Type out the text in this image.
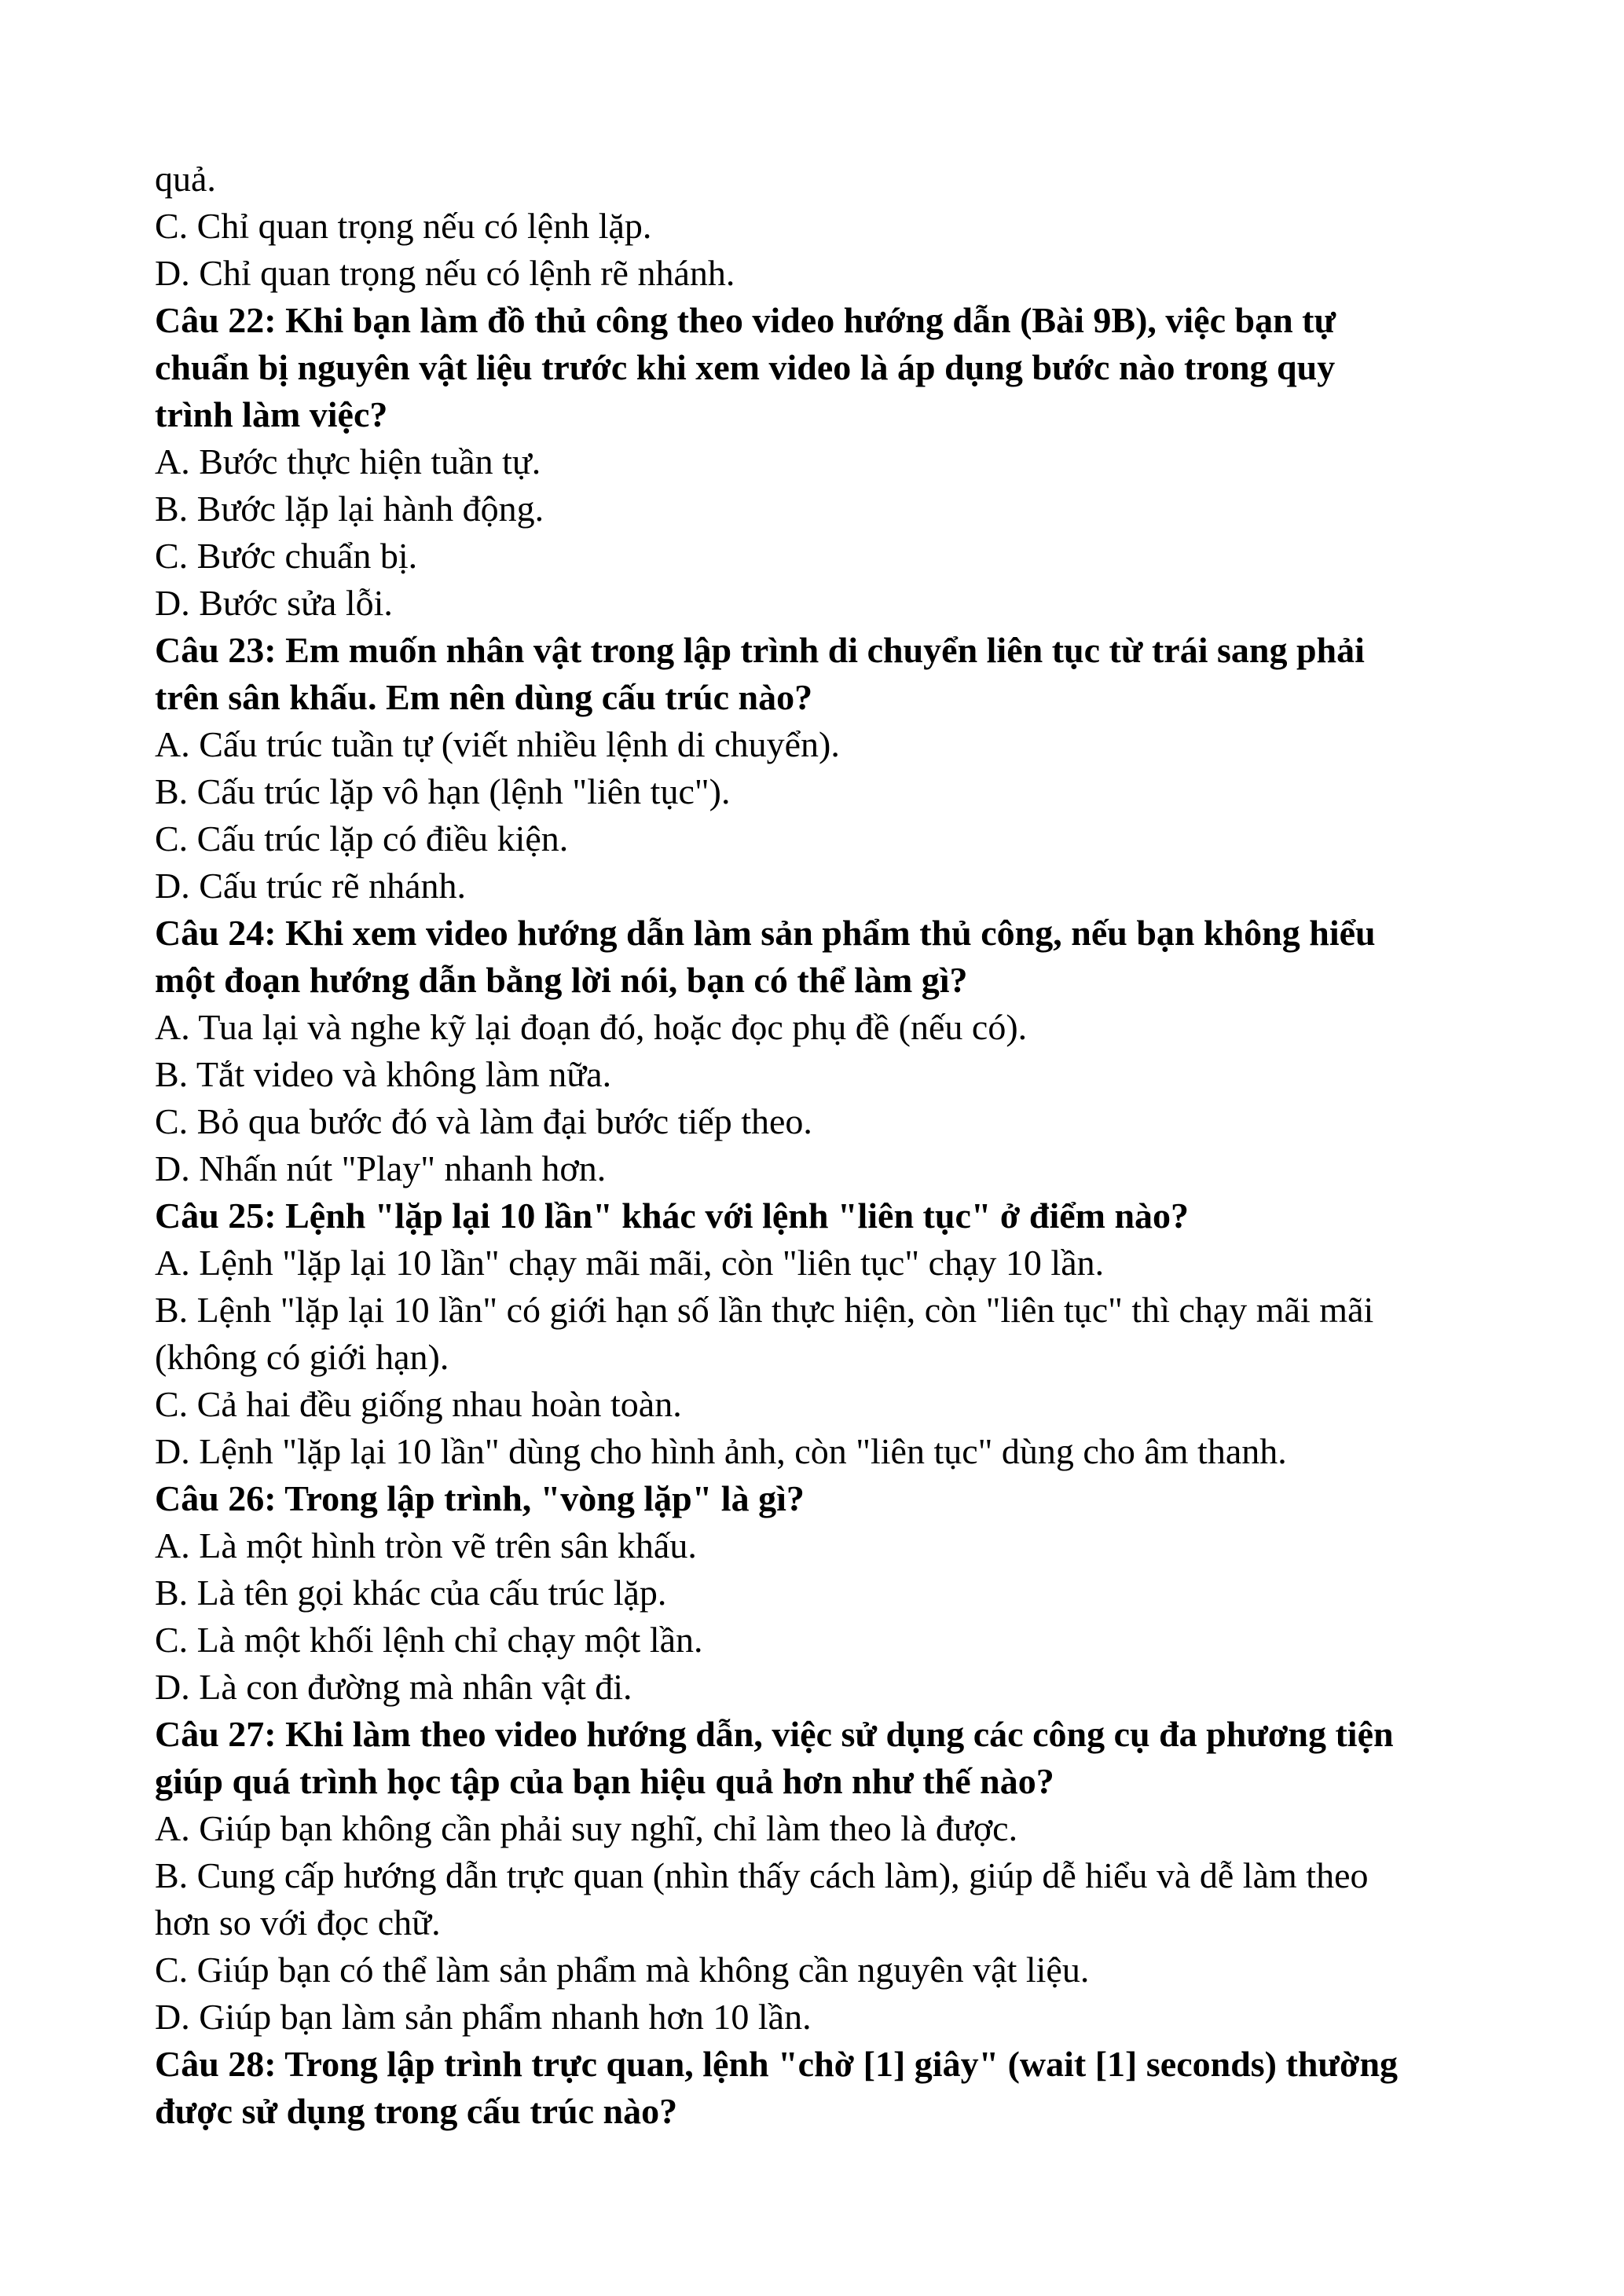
quả.
C. Chỉ quan trọng nếu có lệnh lặp.
D. Chỉ quan trọng nếu có lệnh rẽ nhánh.
Câu 22: Khi bạn làm đồ thủ công theo video hướng dẫn (Bài 9B), việc bạn tự
chuẩn bị nguyên vật liệu trước khi xem video là áp dụng bước nào trong quy
trình làm việc?
A. Bước thực hiện tuần tự.
B. Bước lặp lại hành động.
C. Bước chuẩn bị.
D. Bước sửa lỗi.
Câu 23: Em muốn nhân vật trong lập trình di chuyển liên tục từ trái sang phải
trên sân khấu. Em nên dùng cấu trúc nào?
A. Cấu trúc tuần tự (viết nhiều lệnh di chuyển).
B. Cấu trúc lặp vô hạn (lệnh "liên tục").
C. Cấu trúc lặp có điều kiện.
D. Cấu trúc rẽ nhánh.
Câu 24: Khi xem video hướng dẫn làm sản phẩm thủ công, nếu bạn không hiểu
một đoạn hướng dẫn bằng lời nói, bạn có thể làm gì?
A. Tua lại và nghe kỹ lại đoạn đó, hoặc đọc phụ đề (nếu có).
B. Tắt video và không làm nữa.
C. Bỏ qua bước đó và làm đại bước tiếp theo.
D. Nhấn nút "Play" nhanh hơn.
Câu 25: Lệnh "lặp lại 10 lần" khác với lệnh "liên tục" ở điểm nào?
A. Lệnh "lặp lại 10 lần" chạy mãi mãi, còn "liên tục" chạy 10 lần.
B. Lệnh "lặp lại 10 lần" có giới hạn số lần thực hiện, còn "liên tục" thì chạy mãi mãi
(không có giới hạn).
C. Cả hai đều giống nhau hoàn toàn.
D. Lệnh "lặp lại 10 lần" dùng cho hình ảnh, còn "liên tục" dùng cho âm thanh.
Câu 26: Trong lập trình, "vòng lặp" là gì?
A. Là một hình tròn vẽ trên sân khấu.
B. Là tên gọi khác của cấu trúc lặp.
C. Là một khối lệnh chỉ chạy một lần.
D. Là con đường mà nhân vật đi.
Câu 27: Khi làm theo video hướng dẫn, việc sử dụng các công cụ đa phương tiện
giúp quá trình học tập của bạn hiệu quả hơn như thế nào?
A. Giúp bạn không cần phải suy nghĩ, chỉ làm theo là được.
B. Cung cấp hướng dẫn trực quan (nhìn thấy cách làm), giúp dễ hiểu và dễ làm theo
hơn so với đọc chữ.
C. Giúp bạn có thể làm sản phẩm mà không cần nguyên vật liệu.
D. Giúp bạn làm sản phẩm nhanh hơn 10 lần.
Câu 28: Trong lập trình trực quan, lệnh "chờ [1] giây" (wait [1] seconds) thường
được sử dụng trong cấu trúc nào?
